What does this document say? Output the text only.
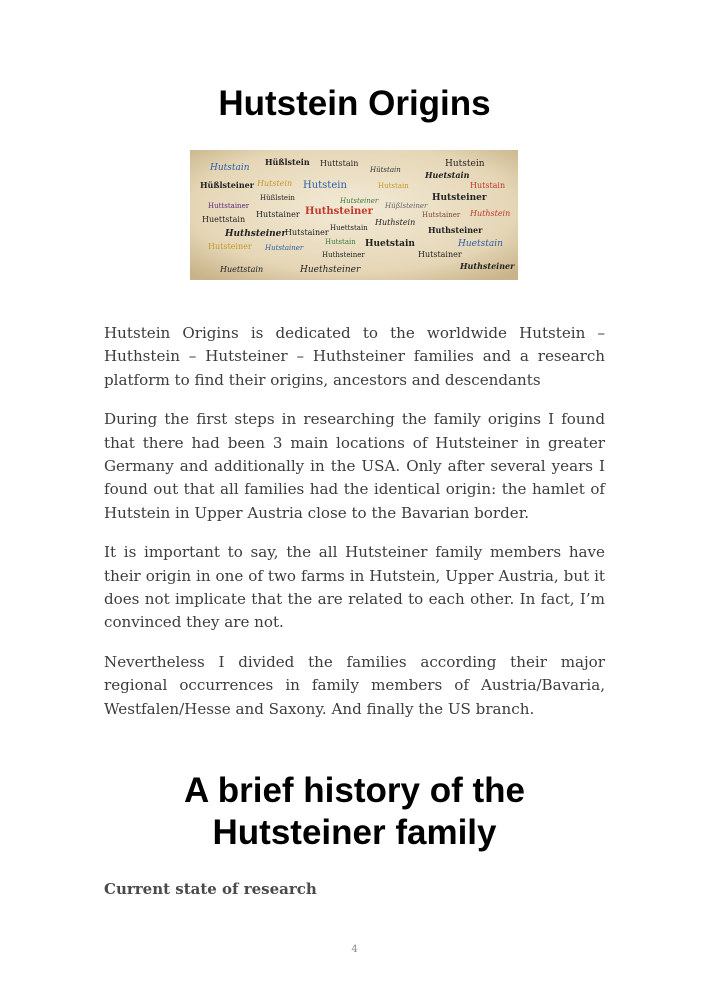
Hutstein Origins
Hutstain
Hüßlstein Huttstain
Hütstain
Hutstein
Hüßlsteiner Hutstein Hutstein	Hutstain
Huetstain
Hutstain
Hüßlstein	Hutsteiner	Hutsteiner
Huttstainer	Hüßlsteiner
Hutstainer Huthsteiner	Huthstein
Huettstain	Hutstainer
Huthsteiner
Hutstainer Huettstain
Huthstein
Huthsteiner
Hutsteiner Hutstainer
Hutstain Huetstain	Huetstain
Huthsteiner	Hutstainer
Huthsteiner
Huettstain	Huethsteiner

Hutstein Origins is dedicated to the worldwide Hutstein – Huthstein – Hutsteiner – Huthsteiner families and a research platform to find their origins, ancestors and descendants

During the first steps in researching the family origins I found that there had been 3 main locations of Hutsteiner in greater Germany and additionally in the USA. Only after several years I found out that all families had the identical origin: the hamlet of Hutstein in Upper Austria close to the Bavarian border.

It is important to say, the all Hutsteiner family members have their origin in one of two farms in Hutstein, Upper Austria, but it does not implicate that the are related to each other. In fact, I’m convinced they are not.

Nevertheless I divided the families according their major regional occurrences in family members of Austria/Bavaria, Westfalen/Hesse and Saxony. And finally the US branch.

A brief history of the
Hutsteiner family

Current state of research

4
